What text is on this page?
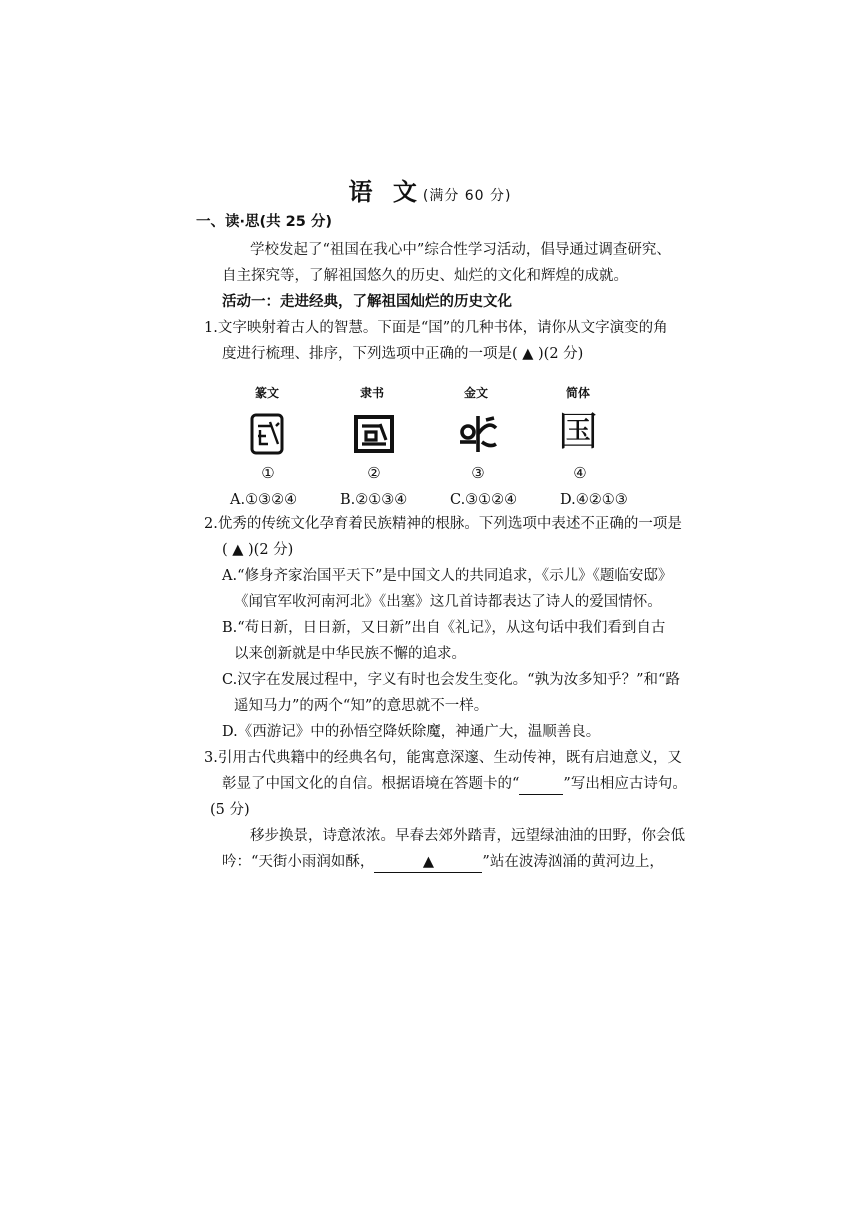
语 文(满分 60 分)
一、读·思(共 25 分)
学校发起了“祖国在我心中”综合性学习活动，倡导通过调查研究、
自主探究等，了解祖国悠久的历史、灿烂的文化和辉煌的成就。
活动一：走进经典，了解祖国灿烂的历史文化
1.文字映射着古人的智慧。下面是“国”的几种书体，请你从文字演变的角
度进行梳理、排序，下列选项中正确的一项是( ▲ )(2 分)
篆文	隶书	金文	简体
国
①	②	③	④
A.①③②④	B.②①③④	C.③①②④	D.④②①③
2.优秀的传统文化孕育着民族精神的根脉。下列选项中表述不正确的一项是
( ▲ )(2 分)
A.“修身齐家治国平天下”是中国文人的共同追求，《示儿》《题临安邸》
《闻官军收河南河北》《出塞》这几首诗都表达了诗人的爱国情怀。
B.“苟日新，日日新，又日新”出自《礼记》，从这句话中我们看到自古
以来创新就是中华民族不懈的追求。
C.汉字在发展过程中，字义有时也会发生变化。“孰为汝多知乎？”和“路
遥知马力”的两个“知”的意思就不一样。
D.《西游记》中的孙悟空降妖除魔，神通广大，温顺善良。
3.引用古代典籍中的经典名句，能寓意深邃、生动传神，既有启迪意义，又
彰显了中国文化的自信。根据语境在答题卡的“	”写出相应古诗句。
(5 分)
移步换景，诗意浓浓。早春去郊外踏青，远望绿油油的田野，你会低
吟：“天街小雨润如酥，	▲	”站在波涛汹涌的黄河边上，
